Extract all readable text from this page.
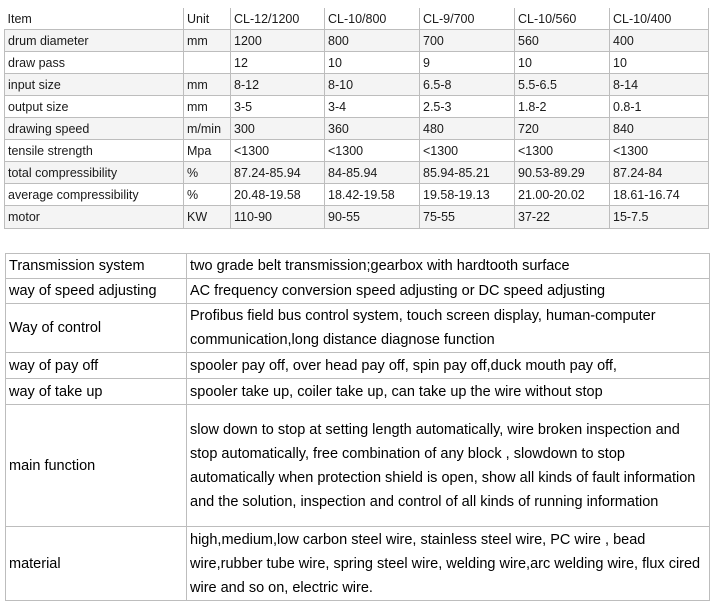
Item	Unit	CL-12/1200	CL-10/800	CL-9/700	CL-10/560	CL-10/400
drum diameter	mm	1200	800	700	560	400
draw pass		12	10	9	10	10
input size	mm	8-12	8-10	6.5-8	5.5-6.5	8-14
output size	mm	3-5	3-4	2.5-3	1.8-2	0.8-1
drawing speed	m/min	300	360	480	720	840
tensile strength	Mpa	<1300	<1300	<1300	<1300	<1300
total compressibility	%	87.24-85.94	84-85.94	85.94-85.21	90.53-89.29	87.24-84
average compressibility	%	20.48-19.58	18.42-19.58	19.58-19.13	21.00-20.02	18.61-16.74
motor	KW	110-90	90-55	75-55	37-22	15-7.5
Transmission system	two grade belt transmission;gearbox with hardtooth surface
way of speed adjusting	AC frequency conversion speed adjusting or DC speed adjusting
Way of control	Profibus field bus control system, touch screen display, human-computer communication,long distance diagnose function
way of pay off	spooler pay off, over head pay off, spin pay off,duck mouth pay off,
way of take up	spooler take up, coiler take up, can take up the wire without stop
main function	slow down to stop at setting length automatically, wire broken inspection and stop automatically, free combination of any block , slowdown to stop automatically when protection shield is open, show all kinds of fault information and the solution, inspection and control of all kinds of running information
material	high,medium,low carbon steel wire, stainless steel wire, PC wire , bead wire,rubber tube wire, spring steel wire, welding wire,arc welding wire, flux cired wire and so on, electric wire.
